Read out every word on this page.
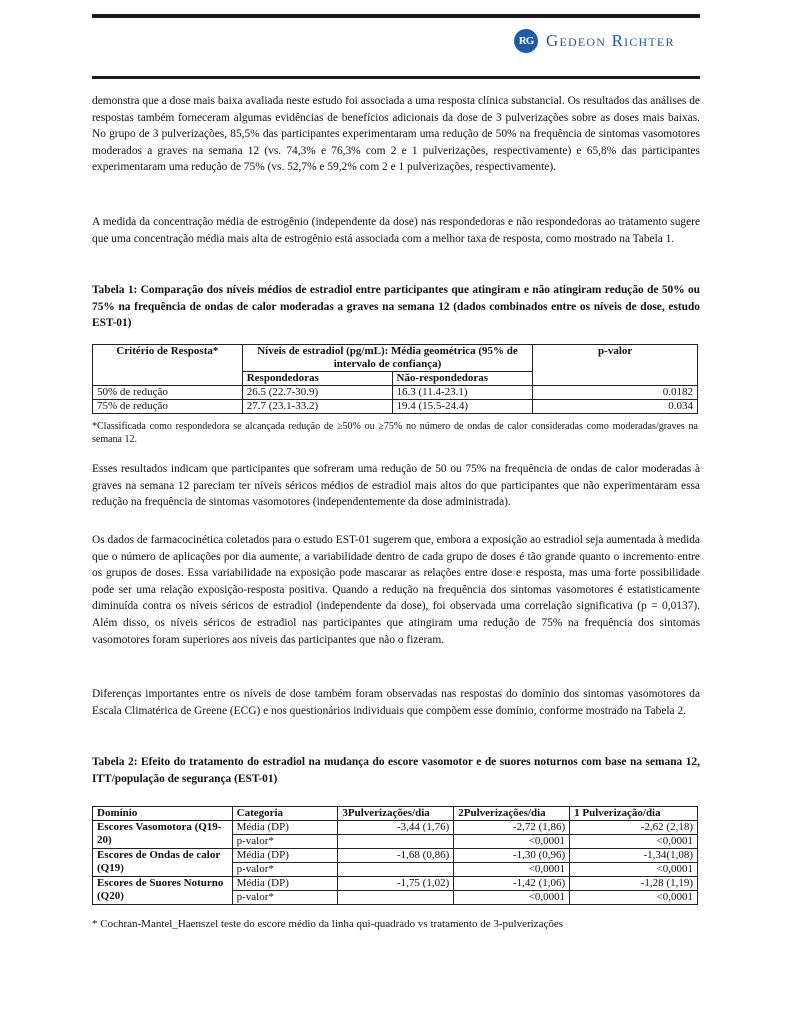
RG Gedeon Richter

demonstra que a dose mais baixa avaliada neste estudo foi associada a uma resposta clínica substancial. Os resultados das análises de respostas também forneceram algumas evidências de benefícios adicionais da dose de 3 pulverizações sobre as doses mais baixas. No grupo de 3 pulverizações, 85,5% das participantes experimentaram uma redução de 50% na frequência de sintomas vasomotores moderados a graves na semana 12 (vs. 74,3% e 76,3% com 2 e 1 pulverizações, respectivamente) e 65,8% das participantes experimentaram uma redução de 75% (vs. 52,7% e 59,2% com 2 e 1 pulverizações, respectivamente).

A medida da concentração média de estrogênio (independente da dose) nas respondedoras e não respondedoras ao tratamento sugere que uma concentração média mais alta de estrogênio está associada com a melhor taxa de resposta, como mostrado na Tabela 1.

Tabela 1: Comparação dos níveis médios de estradiol entre participantes que atingiram e não atingiram redução de 50% ou 75% na frequência de ondas de calor moderadas a graves na semana 12 (dados combinados entre os níveis de dose, estudo EST-01)

Critério de Resposta*	Níveis de estradiol (pg/mL): Média geométrica (95% de intervalo de confiança)		p-valor
	Respondedoras	Não-respondedoras	
50% de redução	26.5 (22.7-30.9)	16.3 (11.4-23.1)	0.0182
75% de redução	27.7 (23.1-33.2)	19.4 (15.5-24.4)	0.034

*Classificada como respondedora se alcançada redução de ≥50% ou ≥75% no número de ondas de calor consideradas como moderadas/graves na semana 12.

Esses resultados indicam que participantes que sofreram uma redução de 50 ou 75% na frequência de ondas de calor moderadas à graves na semana 12 pareciam ter níveis séricos médios de estradiol mais altos do que participantes que não experimentaram essa redução na frequência de sintomas vasomotores (independentemente da dose administrada).

Os dados de farmacocinética coletados para o estudo EST-01 sugerem que, embora a exposição ao estradiol seja aumentada à medida que o número de aplicações por dia aumente, a variabilidade dentro de cada grupo de doses é tão grande quanto o incremento entre os grupos de doses. Essa variabilidade na exposição pode mascarar as relações entre dose e resposta, mas uma forte possibilidade pode ser uma relação exposição-resposta positiva. Quando a redução na frequência dos sintomas vasomotores é estatisticamente diminuída contra os níveis séricos de estradiol (independente da dose), foi observada uma correlação significativa (p = 0,0137). Além disso, os níveis séricos de estradiol nas participantes que atingiram uma redução de 75% na frequência dos sintomas vasomotores foram superiores aos níveis das participantes que não o fizeram.

Diferenças importantes entre os níveis de dose também foram observadas nas respostas do domínio dos sintomas vasomotores da Escala Climatérica de Greene (ECG) e nos questionários individuais que compõem esse domínio, conforme mostrado na Tabela 2.

Tabela 2: Efeito do tratamento do estradiol na mudança do escore vasomotor e de suores noturnos com base na semana 12, ITT/população de segurança (EST-01)

Domínio	Categoria	3Pulverizações/dia	2Pulverizações/dia	1 Pulverização/dia
Escores Vasomotora (Q19-20)	Média (DP)	-3,44 (1,76)	-2,72 (1,86)	-2,62 (2,18)
	p-valor*		<0,0001	<0,0001
Escores de Ondas de calor (Q19)	Média (DP)	-1,68 (0,86)	-1,30 (0,96)	-1,34(1,08)
	p-valor*		<0,0001	<0,0001
Escores de Suores Noturno (Q20)	Média (DP)	-1,75 (1,02)	-1,42 (1,06)	-1,28 (1,19)
	p-valor*		<0,0001	<0,0001

* Cochran-Mantel_Haenszel teste do escore médio da linha qui-quadrado vs tratamento de 3-pulverizações
